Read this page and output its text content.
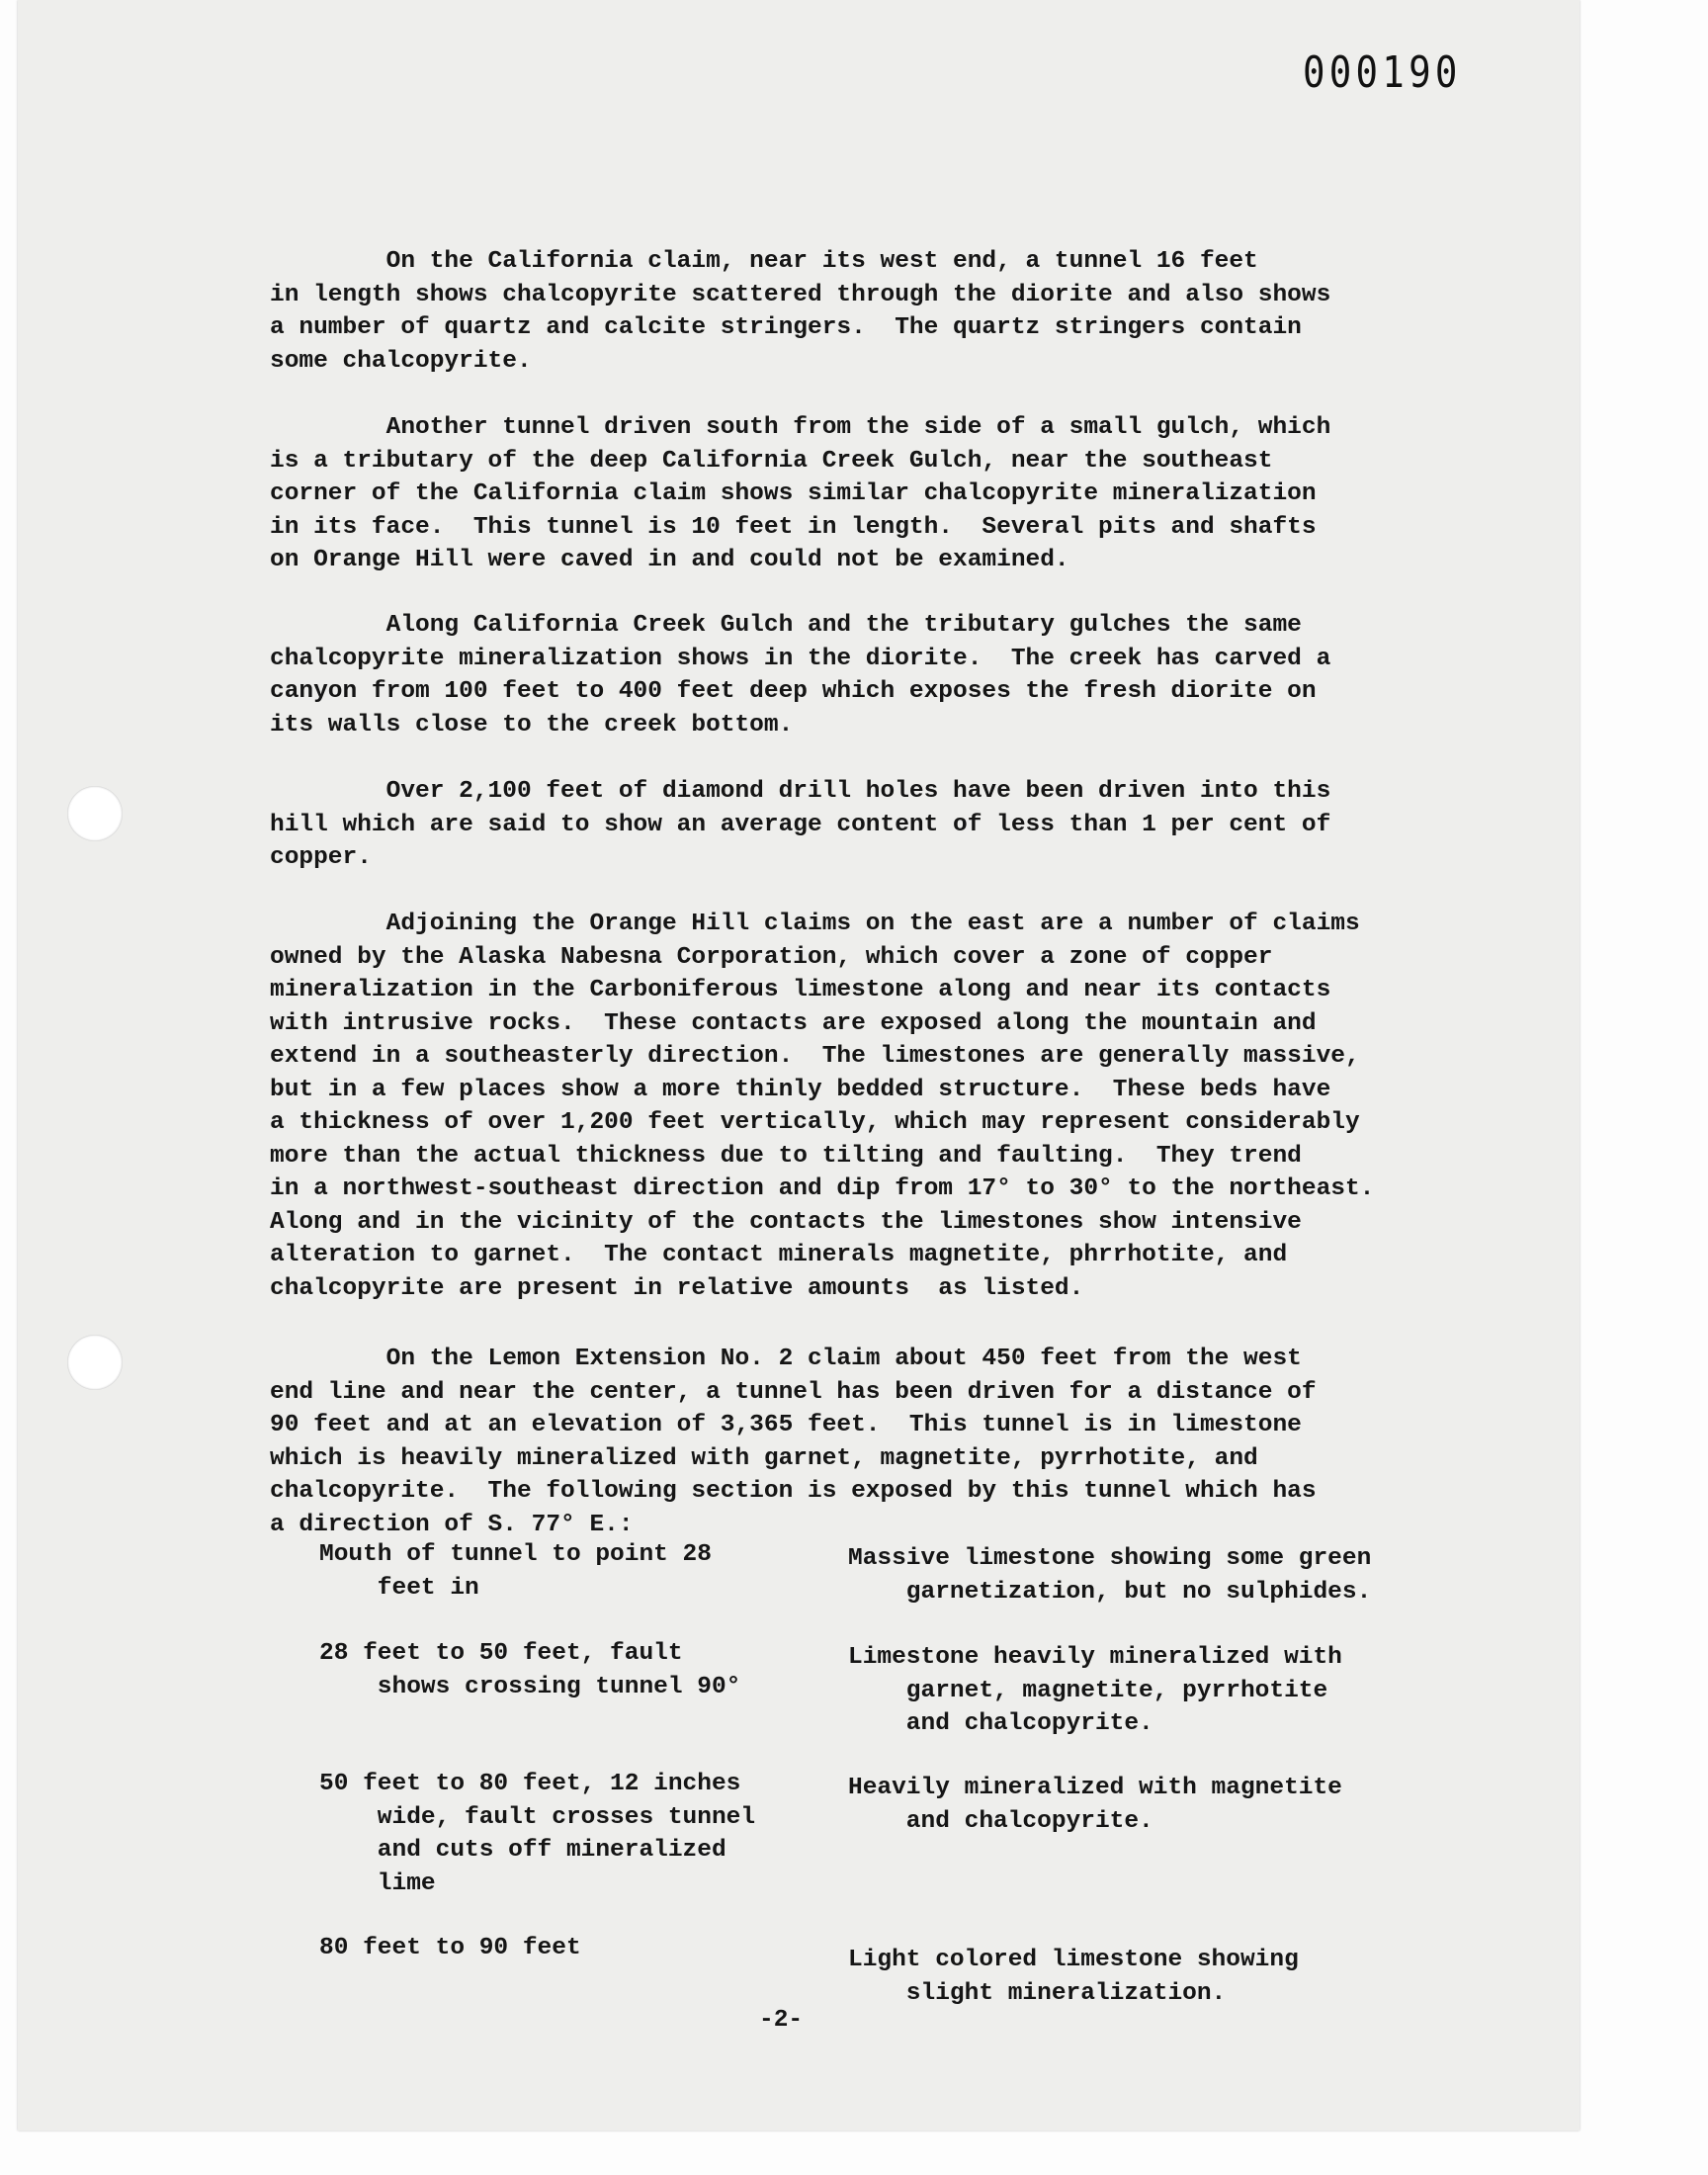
000190
On the California claim, near its west end, a tunnel 16 feet
in length shows chalcopyrite scattered through the diorite and also shows
a number of quartz and calcite stringers.  The quartz stringers contain
some chalcopyrite.
Another tunnel driven south from the side of a small gulch, which
is a tributary of the deep California Creek Gulch, near the southeast
corner of the California claim shows similar chalcopyrite mineralization
in its face.  This tunnel is 10 feet in length.  Several pits and shafts
on Orange Hill were caved in and could not be examined.
Along California Creek Gulch and the tributary gulches the same
chalcopyrite mineralization shows in the diorite.  The creek has carved a
canyon from 100 feet to 400 feet deep which exposes the fresh diorite on
its walls close to the creek bottom.
Over 2,100 feet of diamond drill holes have been driven into this
hill which are said to show an average content of less than 1 per cent of
copper.
Adjoining the Orange Hill claims on the east are a number of claims
owned by the Alaska Nabesna Corporation, which cover a zone of copper
mineralization in the Carboniferous limestone along and near its contacts
with intrusive rocks.  These contacts are exposed along the mountain and
extend in a southeasterly direction.  The limestones are generally massive,
but in a few places show a more thinly bedded structure.  These beds have
a thickness of over 1,200 feet vertically, which may represent considerably
more than the actual thickness due to tilting and faulting.  They trend
in a northwest-southeast direction and dip from 17° to 30° to the northeast.
Along and in the vicinity of the contacts the limestones show intensive
alteration to garnet.  The contact minerals magnetite, phrrhotite, and
chalcopyrite are present in relative amounts  as listed.
On the Lemon Extension No. 2 claim about 450 feet from the west
end line and near the center, a tunnel has been driven for a distance of
90 feet and at an elevation of 3,365 feet.  This tunnel is in limestone
which is heavily mineralized with garnet, magnetite, pyrrhotite, and
chalcopyrite.  The following section is exposed by this tunnel which has
a direction of S. 77° E.:
Mouth of tunnel to point 28
feet in
Massive limestone showing some green
garnetization, but no sulphides.
28 feet to 50 feet, fault
shows crossing tunnel 90°
Limestone heavily mineralized with
garnet, magnetite, pyrrhotite
and chalcopyrite.
50 feet to 80 feet, 12 inches
wide, fault crosses tunnel
and cuts off mineralized
lime
Heavily mineralized with magnetite
and chalcopyrite.
80 feet to 90 feet	Light colored limestone showing
slight mineralization.
-2-
